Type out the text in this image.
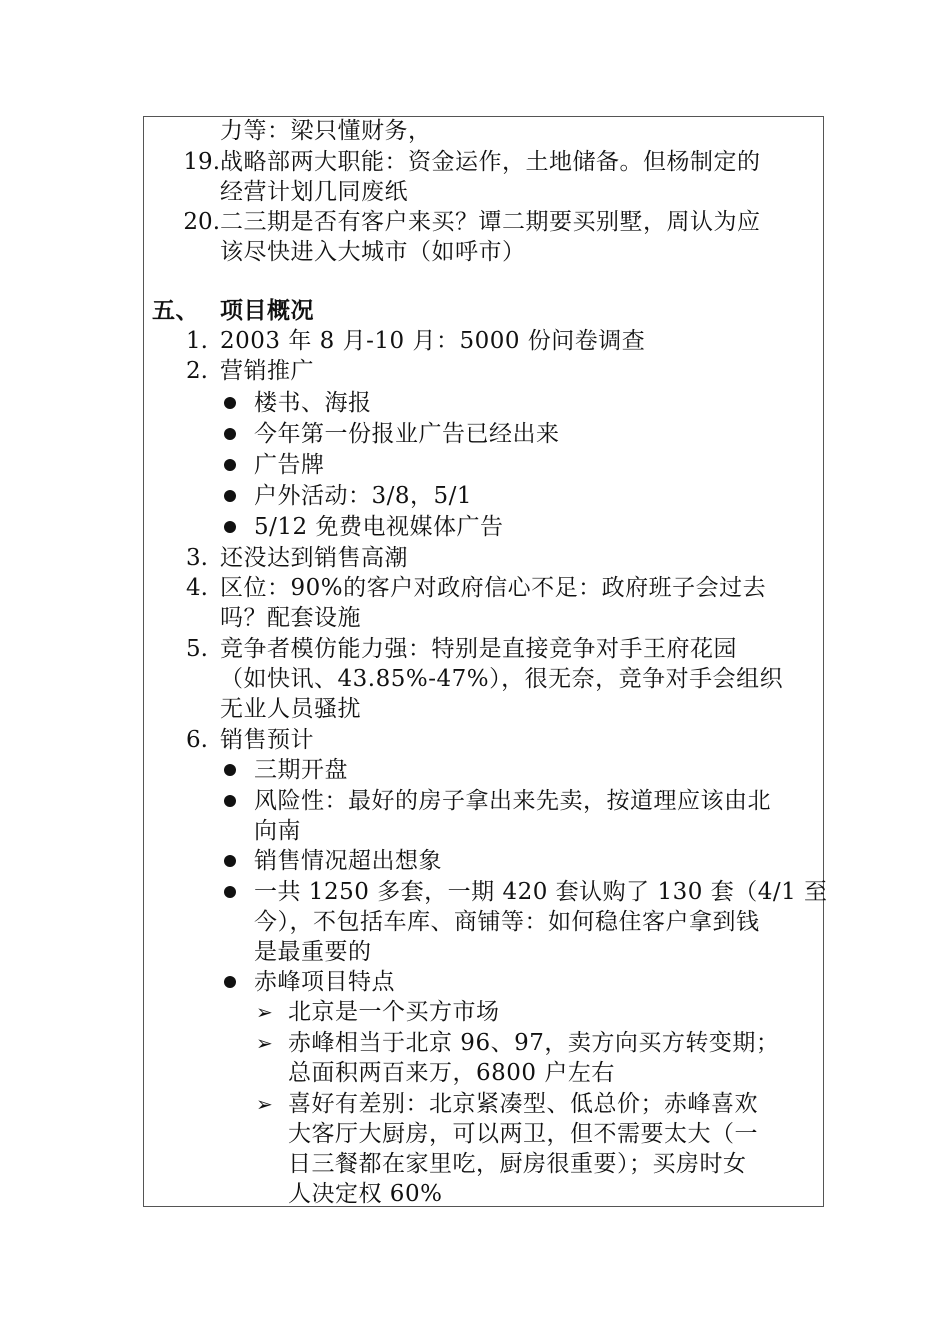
力等：梁只懂财务，
19. 战略部两大职能：资金运作，土地储备。但杨制定的
经营计划几同废纸
20. 二三期是否有客户来买？谭二期要买别墅，周认为应
该尽快进入大城市（如呼市）
五、 项目概况
1. 2003 年 8 月-10 月：5000 份问卷调查
2. 营销推广
楼书、海报
今年第一份报业广告已经出来
广告牌
户外活动：3/8，5/1
5/12 免费电视媒体广告
3. 还没达到销售高潮
4. 区位：90%的客户对政府信心不足：政府班子会过去
吗？配套设施
5. 竞争者模仿能力强：特别是直接竞争对手王府花园
（如快讯、43.85%-47%），很无奈，竞争对手会组织
无业人员骚扰
6. 销售预计
三期开盘
风险性：最好的房子拿出来先卖，按道理应该由北
向南
销售情况超出想象
一共 1250 多套，一期 420 套认购了 130 套（4/1 至
今），不包括车库、商铺等：如何稳住客户拿到钱
是最重要的
赤峰项目特点
➢ 北京是一个买方市场
➢ 赤峰相当于北京 96、97，卖方向买方转变期；
总面积两百来万，6800 户左右
➢ 喜好有差别：北京紧凑型、低总价；赤峰喜欢
大客厅大厨房，可以两卫，但不需要太大（一
日三餐都在家里吃，厨房很重要）；买房时女
人决定权 60%
